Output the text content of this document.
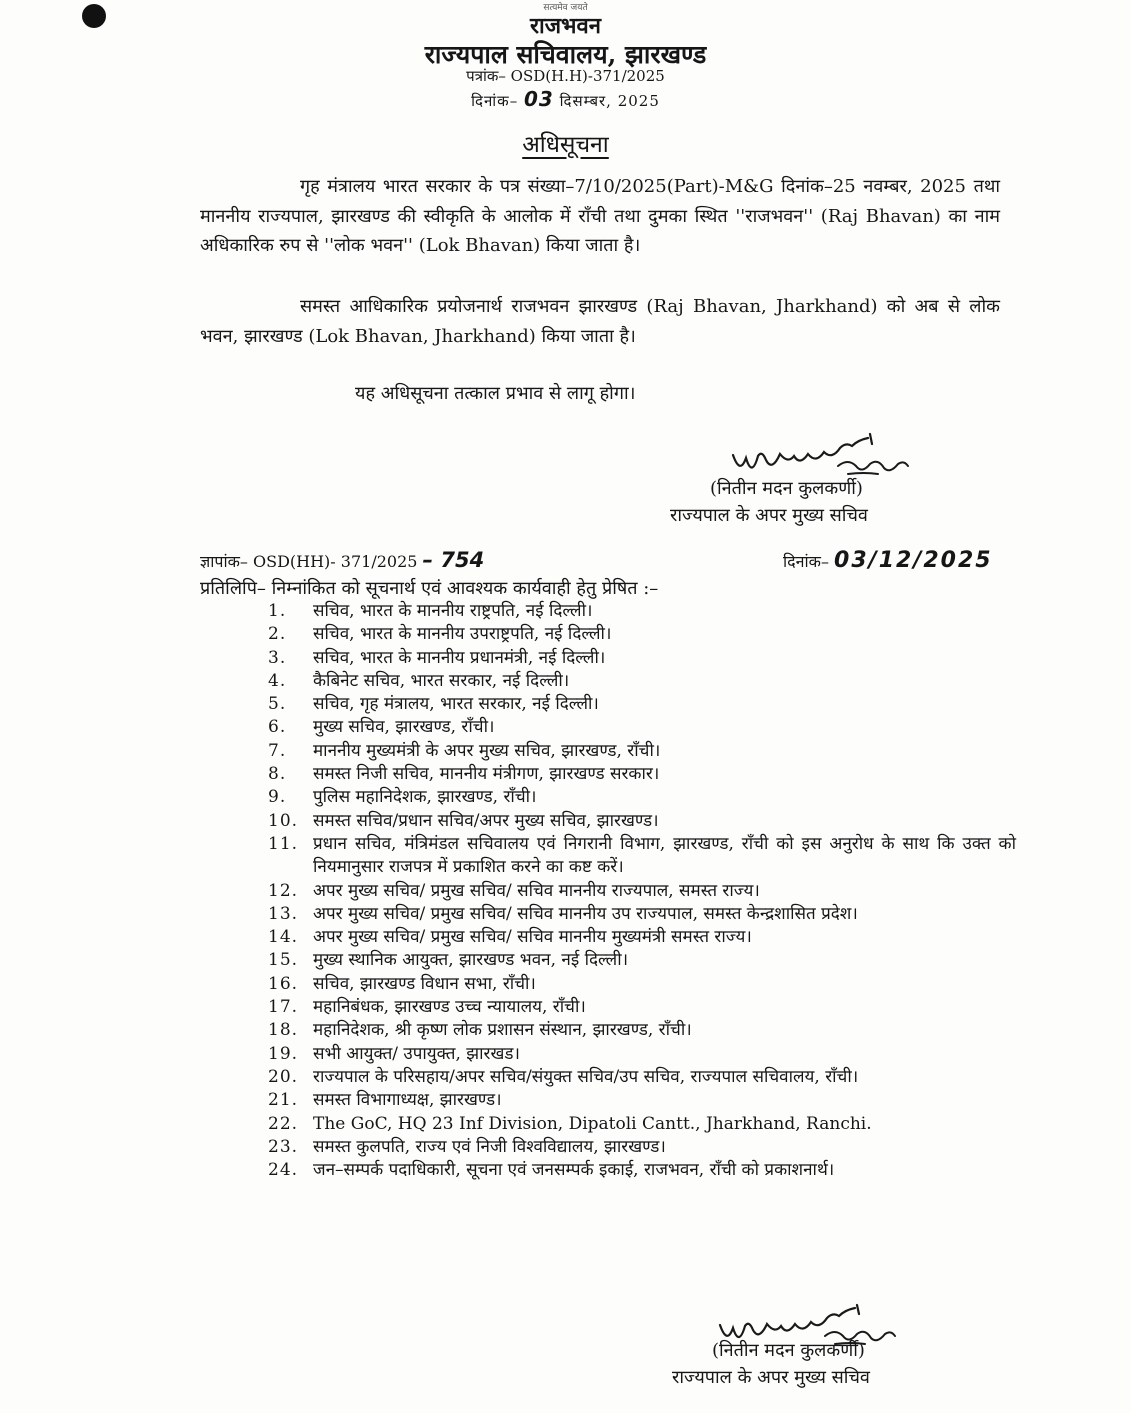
सत्यमेव जयते
राजभवन
राज्यपाल सचिवालय, झारखण्ड
पत्रांक– OSD(H.H)-371/2025
दिनांक– 03 दिसम्बर, 2025
अधिसूचना
गृह मंत्रालय भारत सरकार के पत्र संख्या–7/10/2025(Part)-M&G दिनांक–25 नवम्बर, 2025 तथा माननीय राज्यपाल, झारखण्ड की स्वीकृति के आलोक में राँची तथा दुमका स्थित ''राजभवन'' (Raj Bhavan) का नाम अधिकारिक रुप से ''लोक भवन'' (Lok Bhavan) किया जाता है।
समस्त आधिकारिक प्रयोजनार्थ राजभवन झारखण्ड (Raj Bhavan, Jharkhand) को अब से लोक भवन, झारखण्ड (Lok Bhavan, Jharkhand) किया जाता है।
यह अधिसूचना तत्काल प्रभाव से लागू होगा।
(नितीन मदन कुलकर्णी)
राज्यपाल के अपर मुख्य सचिव
ज्ञापांक– OSD(HH)- 371/2025 – 754	दिनांक– 03/12/2025
प्रतिलिपि– निम्नांकित को सूचनार्थ एवं आवश्यक कार्यवाही हेतु प्रेषित :–
1.	सचिव, भारत के माननीय राष्ट्रपति, नई दिल्ली।
2.	सचिव, भारत के माननीय उपराष्ट्रपति, नई दिल्ली।
3.	सचिव, भारत के माननीय प्रधानमंत्री, नई दिल्ली।
4.	कैबिनेट सचिव, भारत सरकार, नई दिल्ली।
5.	सचिव, गृह मंत्रालय, भारत सरकार, नई दिल्ली।
6.	मुख्य सचिव, झारखण्ड, राँची।
7.	माननीय मुख्यमंत्री के अपर मुख्य सचिव, झारखण्ड, राँची।
8.	समस्त निजी सचिव, माननीय मंत्रीगण, झारखण्ड सरकार।
9.	पुलिस महानिदेशक, झारखण्ड, राँची।
10. समस्त सचिव/प्रधान सचिव/अपर मुख्य सचिव, झारखण्ड।
11. प्रधान सचिव, मंत्रिमंडल सचिवालय एवं निगरानी विभाग, झारखण्ड, राँची को इस अनुरोध के साथ कि उक्त को नियमानुसार राजपत्र में प्रकाशित करने का कष्ट करें।
12. अपर मुख्य सचिव/ प्रमुख सचिव/ सचिव माननीय राज्यपाल, समस्त राज्य।
13. अपर मुख्य सचिव/ प्रमुख सचिव/ सचिव माननीय उप राज्यपाल, समस्त केन्द्रशासित प्रदेश।
14. अपर मुख्य सचिव/ प्रमुख सचिव/ सचिव माननीय मुख्यमंत्री समस्त राज्य।
15. मुख्य स्थानिक आयुक्त, झारखण्ड भवन, नई दिल्ली।
16. सचिव, झारखण्ड विधान सभा, राँची।
17. महानिबंधक, झारखण्ड उच्च न्यायालय, राँची।
18. महानिदेशक, श्री कृष्ण लोक प्रशासन संस्थान, झारखण्ड, राँची।
19. सभी आयुक्त/ उपायुक्त, झारखड।
20. राज्यपाल के परिसहाय/अपर सचिव/संयुक्त सचिव/उप सचिव, राज्यपाल सचिवालय, राँची।
21. समस्त विभागाध्यक्ष, झारखण्ड।
22. The GoC, HQ 23 Inf Division, Dipatoli Cantt., Jharkhand, Ranchi.
23. समस्त कुलपति, राज्य एवं निजी विश्वविद्यालय, झारखण्ड।
24. जन–सम्पर्क पदाधिकारी, सूचना एवं जनसम्पर्क इकाई, राजभवन, राँची को प्रकाशनार्थ।
(नितीन मदन कुलकर्णी)
राज्यपाल के अपर मुख्य सचिव
